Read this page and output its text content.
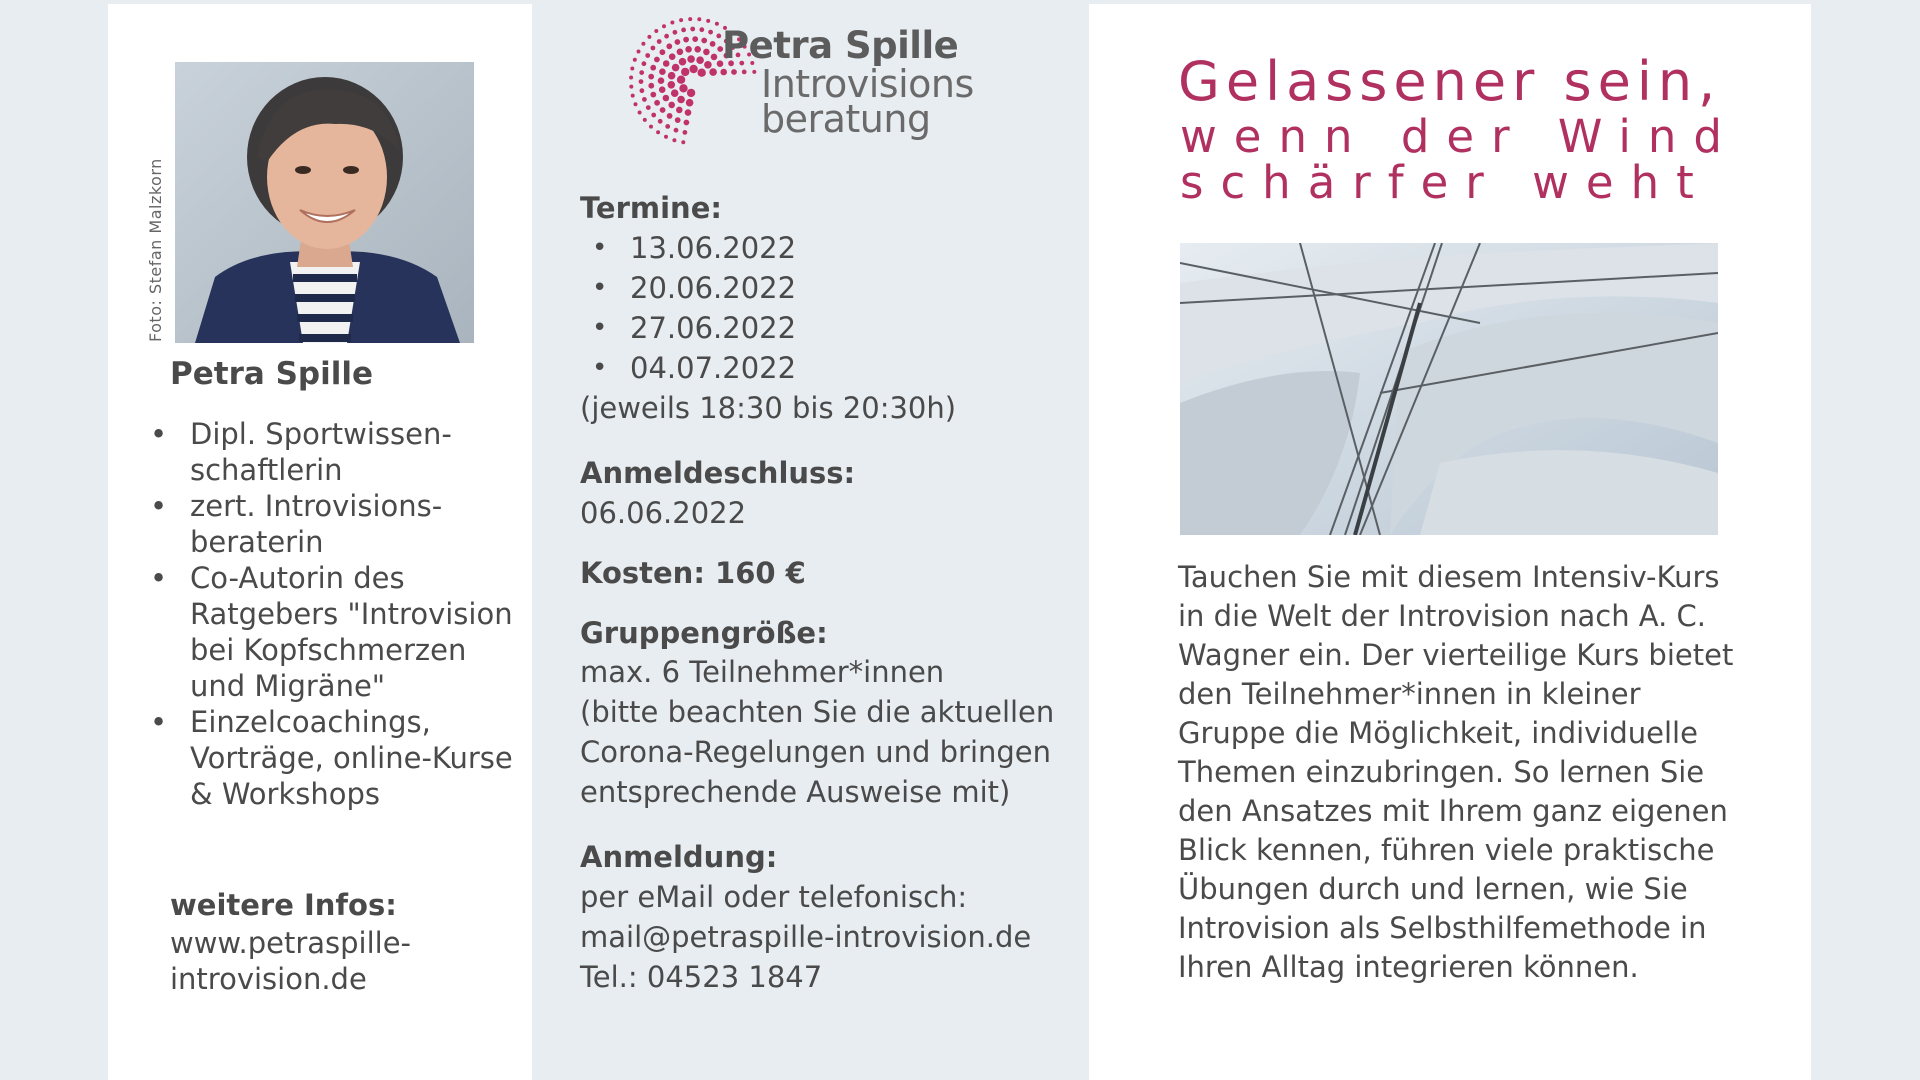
Foto: Stefan Malzkorn
Petra Spille
• Dipl. Sportwissen-schaftlerin
• zert. Introvisions-beraterin
• Co-Autorin des Ratgebers "Introvision bei Kopfschmerzen und Migräne"
• Einzelcoachings, Vorträge, online-Kurse & Workshops
weitere Infos:
www.petraspille-introvision.de
Petra Spille
Introvisions
beratung
Termine:
• 13.06.2022
• 20.06.2022
• 27.06.2022
• 04.07.2022
(jeweils 18:30 bis 20:30h)
Anmeldeschluss:
06.06.2022
Kosten: 160 €
Gruppengröße:
max. 6 Teilnehmer*innen
(bitte beachten Sie die aktuellen Corona-Regelungen und bringen entsprechende Ausweise mit)
Anmeldung:
per eMail oder telefonisch:
mail@petraspille-introvision.de
Tel.: 04523 1847
Gelassener sein,
wenn der Wind
schärfer weht
Tauchen Sie mit diesem Intensiv-Kurs in die Welt der Introvision nach A. C. Wagner ein. Der vierteilige Kurs bietet den Teilnehmer*innen in kleiner Gruppe die Möglichkeit, individuelle Themen einzubringen. So lernen Sie den Ansatzes mit Ihrem ganz eigenen Blick kennen, führen viele praktische Übungen durch und lernen, wie Sie Introvision als Selbsthilfemethode in Ihren Alltag integrieren können.
